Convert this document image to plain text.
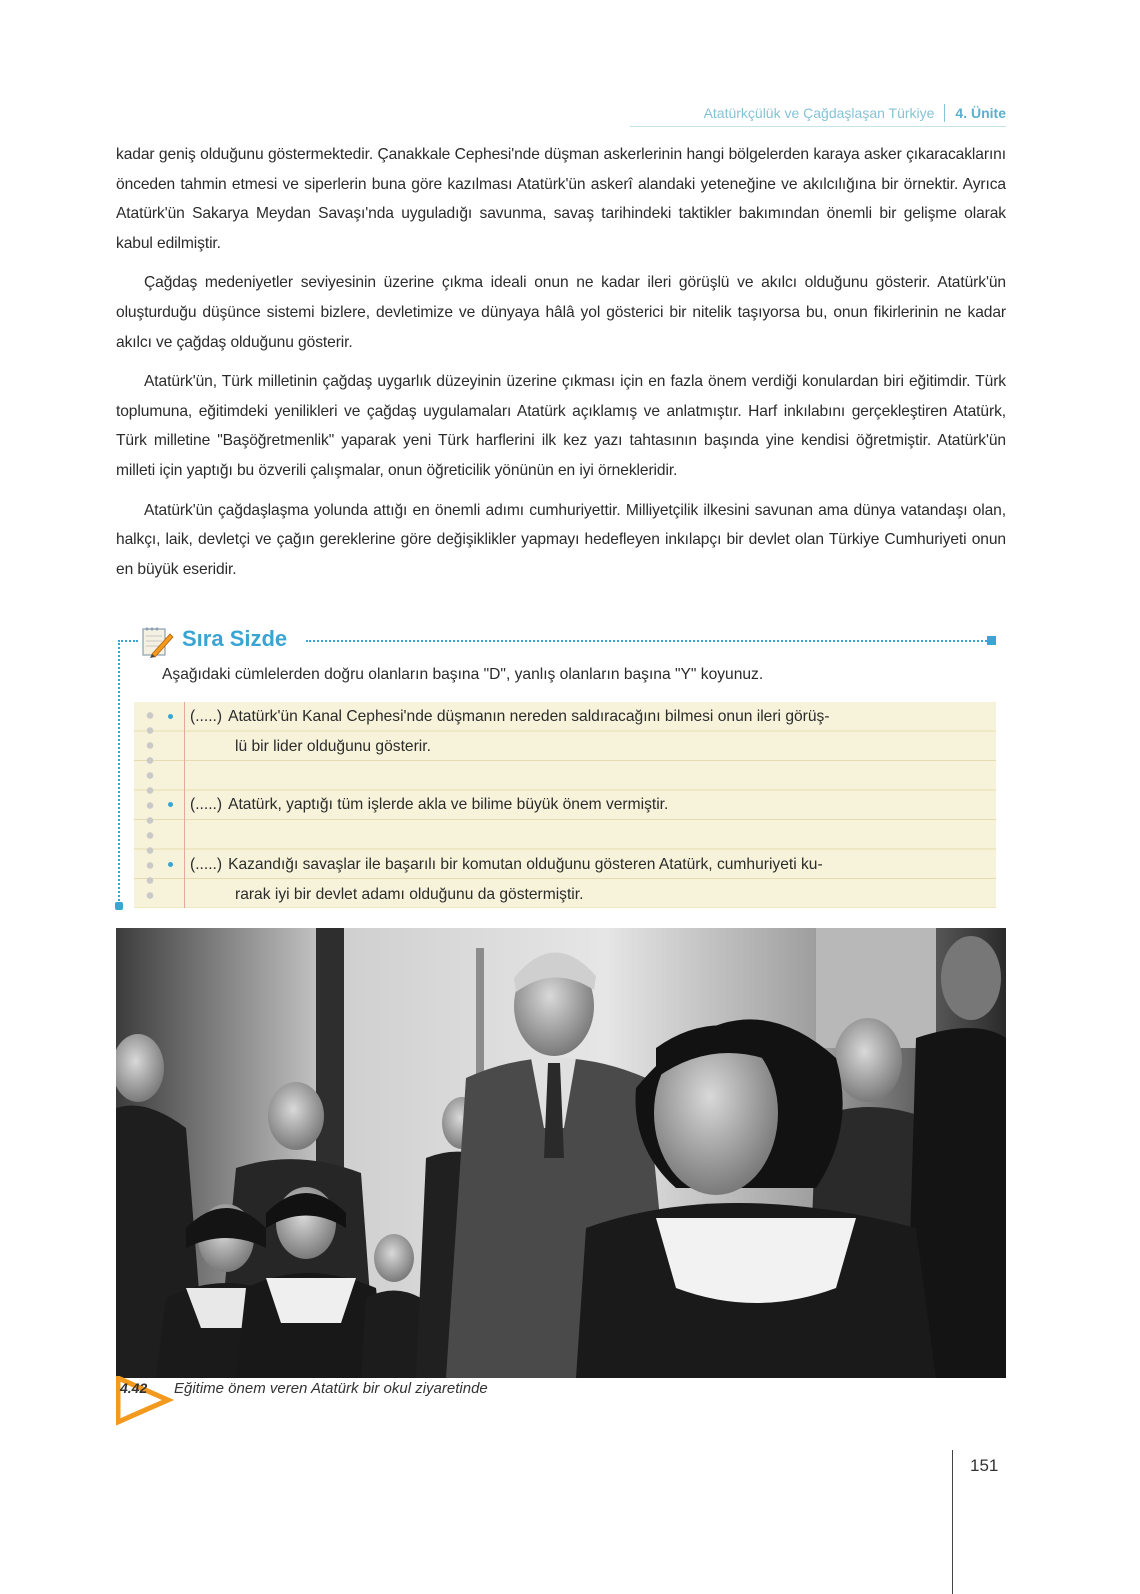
Atatürkçülük ve Çağdaşlaşan Türkiye 4. Ünite

kadar geniş olduğunu göstermektedir. Çanakkale Cephesi'nde düşman askerlerinin hangi bölgelerden karaya asker çıkaracaklarını önceden tahmin etmesi ve siperlerin buna göre kazılması Atatürk'ün askerî alandaki yeteneğine ve akılcılığına bir örnektir. Ayrıca Atatürk'ün Sakarya Meydan Savaşı'nda uyguladığı savunma, savaş tarihindeki taktikler bakımından önemli bir gelişme olarak kabul edilmiştir.

Çağdaş medeniyetler seviyesinin üzerine çıkma ideali onun ne kadar ileri görüşlü ve akılcı olduğunu gösterir. Atatürk'ün oluşturduğu düşünce sistemi bizlere, devletimize ve dünyaya hâlâ yol gösterici bir nitelik taşıyorsa bu, onun fikirlerinin ne kadar akılcı ve çağdaş olduğunu gösterir.

Atatürk'ün, Türk milletinin çağdaş uygarlık düzeyinin üzerine çıkması için en fazla önem verdiği konulardan biri eğitimdir. Türk toplumuna, eğitimdeki yenilikleri ve çağdaş uygulamaları Atatürk açıklamış ve anlatmıştır. Harf inkılabını gerçekleştiren Atatürk, Türk milletine "Başöğretmenlik" yaparak yeni Türk harflerini ilk kez yazı tahtasının başında yine kendisi öğretmiştir. Atatürk'ün milleti için yaptığı bu özverili çalışmalar, onun öğreticilik yönünün en iyi örnekleridir.

Atatürk'ün çağdaşlaşma yolunda attığı en önemli adımı cumhuriyettir. Milliyetçilik ilkesini savunan ama dünya vatandaşı olan, halkçı, laik, devletçi ve çağın gereklerine göre değişiklikler yapmayı hedefleyen inkılapçı bir devlet olan Türkiye Cumhuriyeti onun en büyük eseridir.

Sıra Sizde
Aşağıdaki cümlelerden doğru olanların başına "D", yanlış olanların başına "Y" koyunuz.
(.....) Atatürk'ün Kanal Cephesi'nde düşmanın nereden saldıracağını bilmesi onun ileri görüş-
lü bir lider olduğunu gösterir.
(.....) Atatürk, yaptığı tüm işlerde akla ve bilime büyük önem vermiştir.
(.....) Kazandığı savaşlar ile başarılı bir komutan olduğunu gösteren Atatürk, cumhuriyeti ku-
rarak iyi bir devlet adamı olduğunu da göstermiştir.
4.42 Eğitime önem veren Atatürk bir okul ziyaretinde
151
